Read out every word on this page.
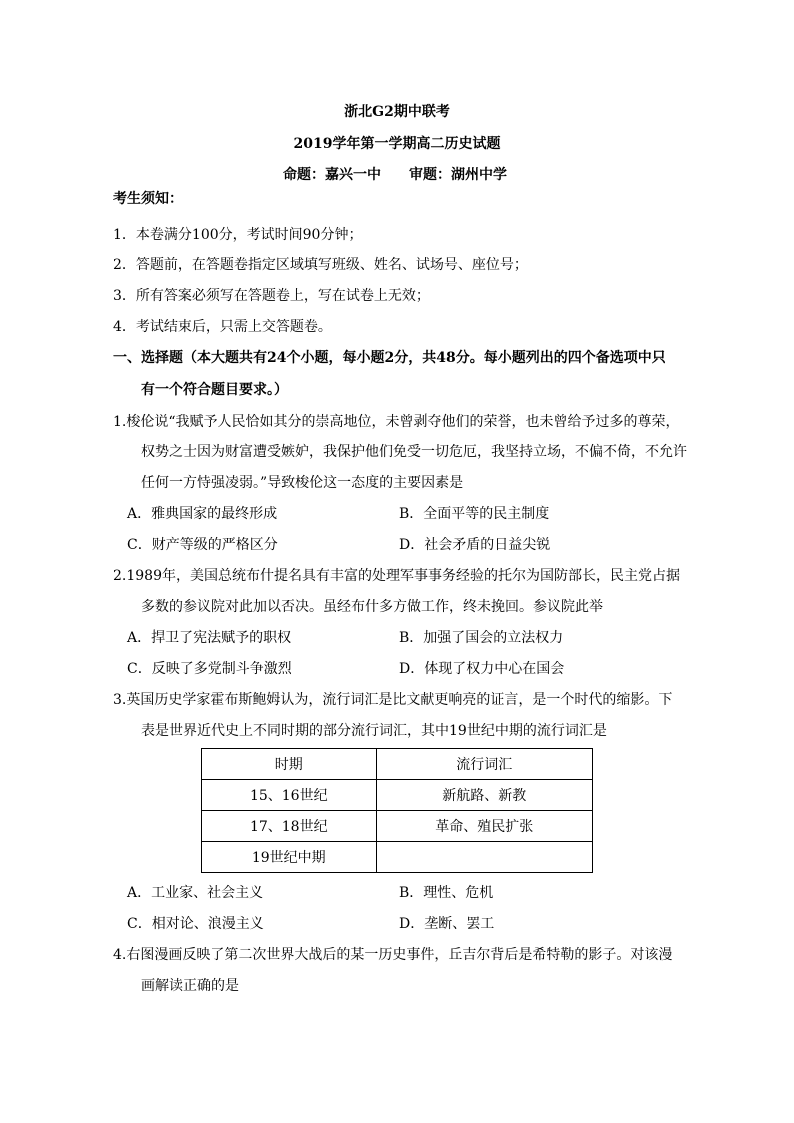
浙北G2期中联考
2019学年第一学期高二历史试题
命题：嘉兴一中 审题：湖州中学
考生须知：
1．本卷满分100分，考试时间90分钟；
2．答题前，在答题卷指定区域填写班级、姓名、试场号、座位号；
3．所有答案必须写在答题卷上，写在试卷上无效；
4．考试结束后，只需上交答题卷。
一、选择题（本大题共有24个小题，每小题2分，共48分。每小题列出的四个备选项中只
有一个符合题目要求。）
1.梭伦说“我赋予人民恰如其分的崇高地位，未曾剥夺他们的荣誉，也未曾给予过多的尊荣，
权势之士因为财富遭受嫉妒，我保护他们免受一切危厄，我坚持立场，不偏不倚，不允许
任何一方恃强凌弱。”导致梭伦这一态度的主要因素是
A．雅典国家的最终形成	B．全面平等的民主制度
C．财产等级的严格区分	D．社会矛盾的日益尖锐
2.1989年，美国总统布什提名具有丰富的处理军事事务经验的托尔为国防部长，民主党占据
多数的参议院对此加以否决。虽经布什多方做工作，终未挽回。参议院此举
A．捍卫了宪法赋予的职权	B．加强了国会的立法权力
C．反映了多党制斗争激烈	D．体现了权力中心在国会
3.英国历史学家霍布斯鲍姆认为，流行词汇是比文献更响亮的证言，是一个时代的缩影。下
表是世界近代史上不同时期的部分流行词汇，其中19世纪中期的流行词汇是
时期	流行词汇
15、16世纪	新航路、新教
17、18世纪	革命、殖民扩张
19世纪中期	
A．工业家、社会主义	B．理性、危机
C．相对论、浪漫主义	D．垄断、罢工
4.右图漫画反映了第二次世界大战后的某一历史事件，丘吉尔背后是希特勒的影子。对该漫
画解读正确的是
